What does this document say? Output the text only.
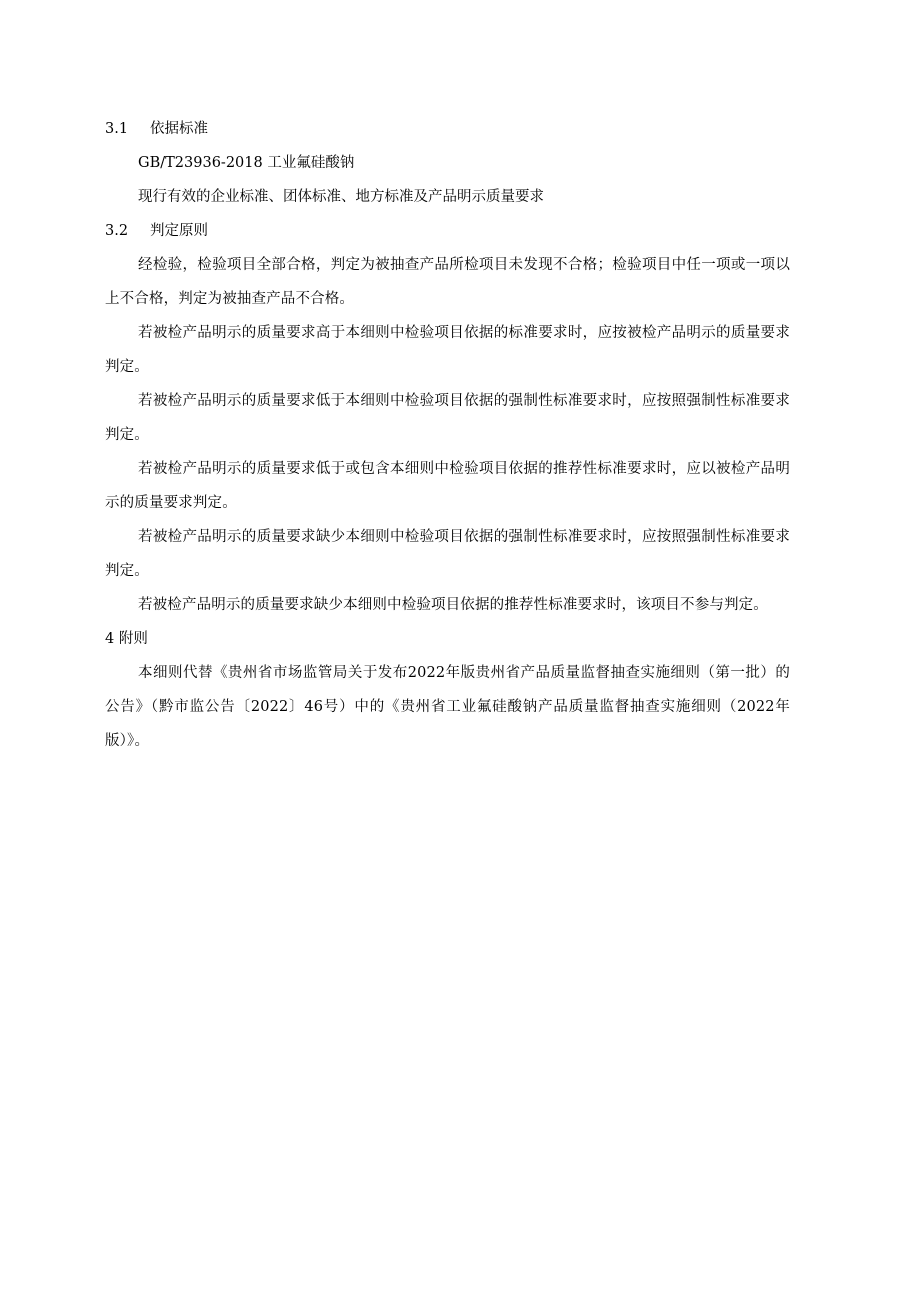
3.1 依据标准
GB/T23936-2018 工业氟硅酸钠
现行有效的企业标准、团体标准、地方标准及产品明示质量要求
3.2 判定原则

经检验，检验项目全部合格，判定为被抽查产品所检项目未发现不合格；检验项目中任一项或一项以上不合格，判定为被抽查产品不合格。

若被检产品明示的质量要求高于本细则中检验项目依据的标准要求时，应按被检产品明示的质量要求判定。

若被检产品明示的质量要求低于本细则中检验项目依据的强制性标准要求时，应按照强制性标准要求判定。

若被检产品明示的质量要求低于或包含本细则中检验项目依据的推荐性标准要求时，应以被检产品明示的质量要求判定。

若被检产品明示的质量要求缺少本细则中检验项目依据的强制性标准要求时，应按照强制性标准要求判定。

若被检产品明示的质量要求缺少本细则中检验项目依据的推荐性标准要求时，该项目不参与判定。

4 附则

本细则代替《贵州省市场监管局关于发布2022年版贵州省产品质量监督抽查实施细则（第一批）的公告》（黔市监公告〔2022〕46号）中的《贵州省工业氟硅酸钠产品质量监督抽查实施细则（2022年版）》。
